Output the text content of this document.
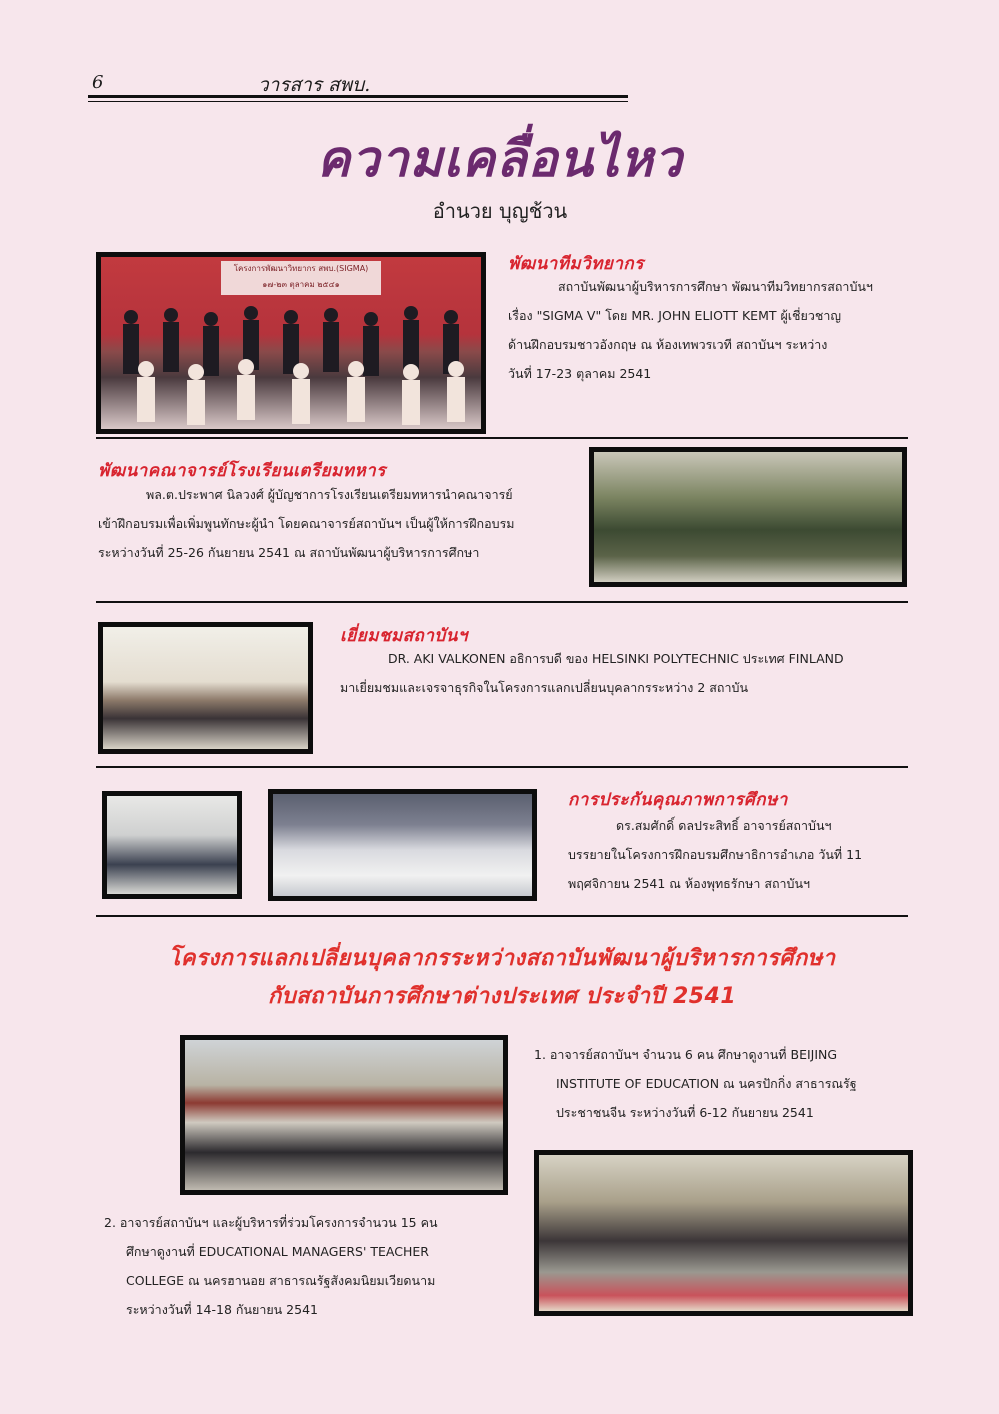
6	วารสาร สพบ.
ความเคลื่อนไหว
อำนวย บุญช้วน
โครงการพัฒนาวิทยากร สพบ.(SIGMA)
๑๗-๒๓ ตุลาคม ๒๕๔๑
พัฒนาทีมวิทยากร
สถาบันพัฒนาผู้บริหารการศึกษา พัฒนาทีมวิทยากรสถาบันฯ
เรื่อง "SIGMA Ⅴ" โดย MR. JOHN ELIOTT KEMT ผู้เชี่ยวชาญ
ด้านฝึกอบรมชาวอังกฤษ ณ ห้องเทพวรเวที สถาบันฯ ระหว่าง
วันที่ 17-23 ตุลาคม 2541
พัฒนาคณาจารย์โรงเรียนเตรียมทหาร
พล.ต.ประพาศ นิลวงศ์ ผู้บัญชาการโรงเรียนเตรียมทหารนำคณาจารย์
เข้าฝึกอบรมเพื่อเพิ่มพูนทักษะผู้นำ โดยคณาจารย์สถาบันฯ เป็นผู้ให้การฝึกอบรม
ระหว่างวันที่ 25-26 กันยายน 2541 ณ สถาบันพัฒนาผู้บริหารการศึกษา
เยี่ยมชมสถาบันฯ
DR. AKI VALKONEN อธิการบดี ของ HELSINKI POLYTECHNIC ประเทศ FINLAND
มาเยี่ยมชมและเจรจาธุรกิจในโครงการแลกเปลี่ยนบุคลากรระหว่าง 2 สถาบัน
การประกันคุณภาพการศึกษา
ดร.สมศักดิ์ ดลประสิทธิ์ อาจารย์สถาบันฯ
บรรยายในโครงการฝึกอบรมศึกษาธิการอำเภอ วันที่ 11
พฤศจิกายน 2541 ณ ห้องพุทธรักษา สถาบันฯ
โครงการแลกเปลี่ยนบุคลากรระหว่างสถาบันพัฒนาผู้บริหารการศึกษา
กับสถาบันการศึกษาต่างประเทศ ประจำปี 2541
1. อาจารย์สถาบันฯ จำนวน 6 คน ศึกษาดูงานที่ BEIJING
INSTITUTE OF EDUCATION ณ นครปักกิ่ง สาธารณรัฐ
ประชาชนจีน ระหว่างวันที่ 6-12 กันยายน 2541
2. อาจารย์สถาบันฯ และผู้บริหารที่ร่วมโครงการจำนวน 15 คน
ศึกษาดูงานที่ EDUCATIONAL MANAGERS' TEACHER
COLLEGE ณ นครฮานอย สาธารณรัฐสังคมนิยมเวียดนาม
ระหว่างวันที่ 14-18 กันยายน 2541
